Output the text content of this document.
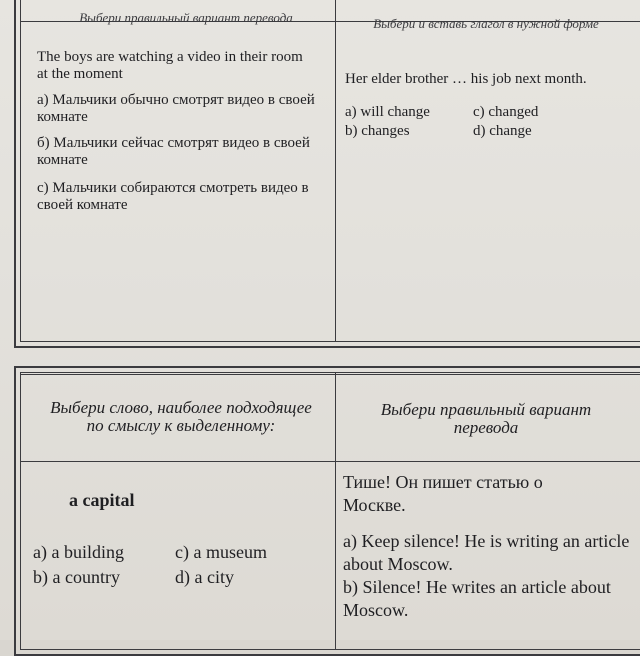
Выбери правильный вариант перевода
The boys are watching a video in their room at the moment
а) Мальчики обычно смотрят видео в своей комнате
б) Мальчики сейчас смотрят видео в своей комнате
c) Мальчики собираются смотреть видео в своей комнате
Выбери и вставь глагол в нужной форме
Her elder brother … his job next month.
a) will change	c) changed
b) changes	d) change
Выбери слово, наиболее подходящее по смыслу к выделенному:
a capital
a) a building	c) a museum
b) a country	d) a city
Выбери правильный вариант перевода
Тише! Он пишет статью о Москве.
a) Keep silence! He is writing an article about Moscow.
b) Silence! He writes an article about Moscow.
